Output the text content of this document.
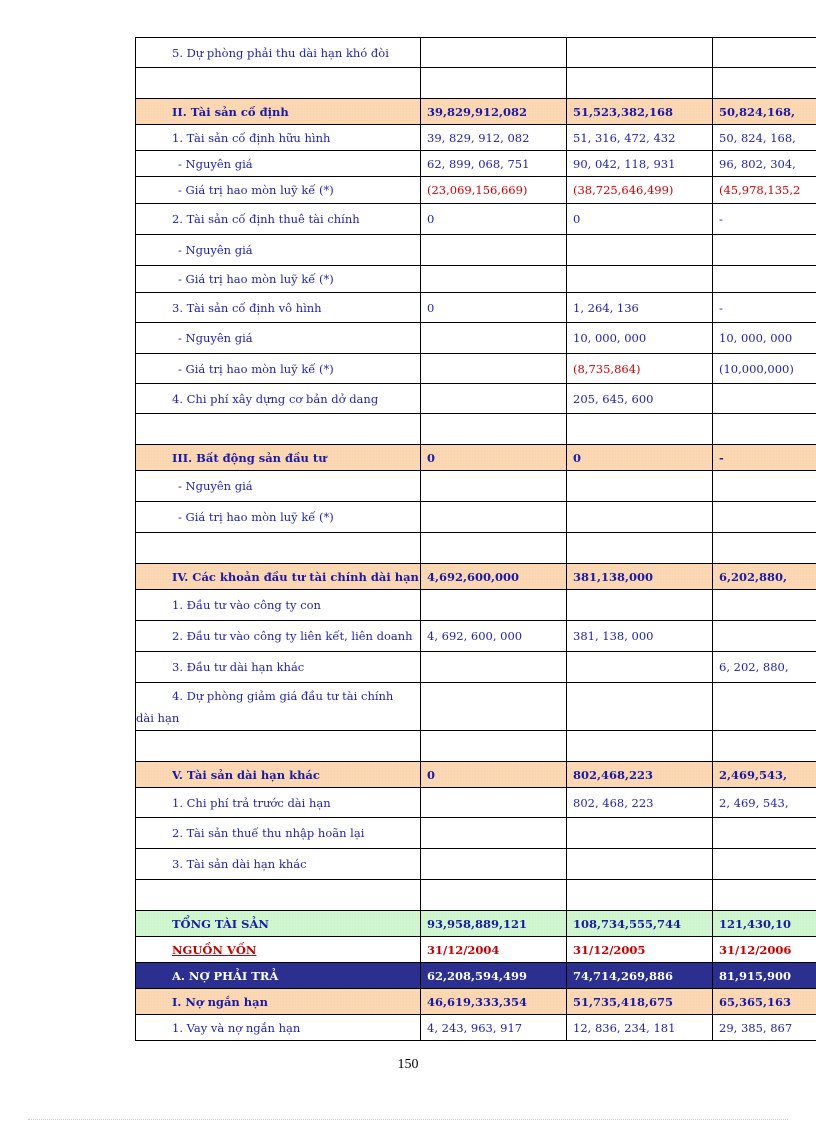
5. Dự phòng phải thu dài hạn khó đòi			

II. Tài sản cố định	39,829,912,082	51,523,382,168	50,824,168,
1. Tài sản cố định hữu hình	39, 829, 912, 082	51, 316, 472, 432	50, 824, 168,
- Nguyên giá	62, 899, 068, 751	90, 042, 118, 931	96, 802, 304,
- Giá trị hao mòn luỹ kế (*)	(23,069,156,669)	(38,725,646,499)	(45,978,135,2
2. Tài sản cố định thuê tài chính	0	0	-
- Nguyên giá			
- Giá trị hao mòn luỹ kế (*)			
3. Tài sản cố định vô hình	0	1, 264, 136	-
- Nguyên giá		10, 000, 000	10, 000, 000
- Giá trị hao mòn luỹ kế (*)		(8,735,864)	(10,000,000)
4. Chi phí xây dựng cơ bản dở dang		205, 645, 600	

III. Bất động sản đầu tư	0	0	-
- Nguyên giá			
- Giá trị hao mòn luỹ kế (*)			

IV. Các khoản đầu tư tài chính dài hạn	4,692,600,000	381,138,000	6,202,880,
1. Đầu tư vào công ty con			
2. Đầu tư vào công ty liên kết, liên doanh	4, 692, 600, 000	381, 138, 000	
3. Đầu tư dài hạn khác			6, 202, 880,
4. Dự phòng giảm giá đầu tư tài chính dài hạn			

V. Tài sản dài hạn khác	0	802,468,223	2,469,543,
1. Chi phí trả trước dài hạn		802, 468, 223	2, 469, 543,
2. Tài sản thuế thu nhập hoãn lại			
3. Tài sản dài hạn khác			

TỔNG TÀI SẢN	93,958,889,121	108,734,555,744	121,430,10
NGUỒN VỐN	31/12/2004	31/12/2005	31/12/2006
A. NỢ PHẢI TRẢ	62,208,594,499	74,714,269,886	81,915,900
I. Nợ ngắn hạn	46,619,333,354	51,735,418,675	65,365,163
1. Vay và nợ ngắn hạn	4, 243, 963, 917	12, 836, 234, 181	29, 385, 867
150
